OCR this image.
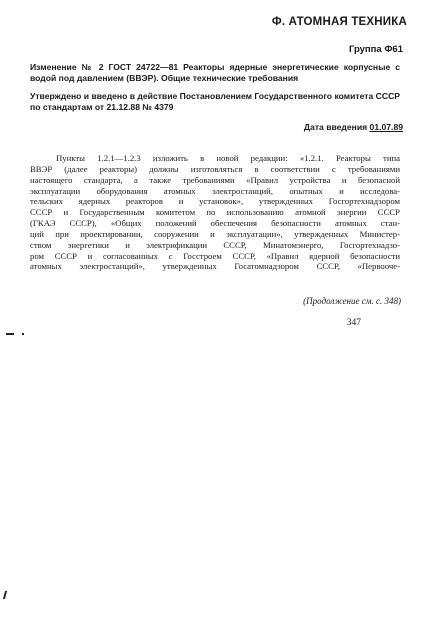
Ф. АТОМНАЯ ТЕХНИКА
Группа Ф61
Изменение № 2 ГОСТ 24722—81 Реакторы ядерные энергетические корпусные с водой под давлением (ВВЭР). Общие технические требования
Утверждено и введено в действие Постановлением Государственного комитета СССР по стандартам от 21.12.88 № 4379
Дата введения 01.07.89
Пункты 1.2.1—1.2.3 изложить в новой редакции: «1.2.1. Реакторы типа
ВВЭР (далее реакторы) должны изготовляться в соответствии с требованиями
настоящего стандарта, а также требованиями «Правил устройства и безопасной
эксплуатации оборудования атомных электростанций, опытных и исследова-
тельских ядерных реакторов и установок», утвержденных Госгортехнадзором
СССР и Государственным комитетом по использованию атомной энергии СССР
(ГКАЭ СССР), «Общих положений обеспечения безопасности атомных стан-
ций при проектировании, сооружении и эксплуатации», утвержденных Министер-
ством энергетики и электрификации СССР, Минатомэнерго, Госгортехнадзо-
ром СССР и согласованных с Госстроем СССР, «Правил ядерной безопасности
атомных электростанций», утвержденных Госатомнадзором СССР, «Первооче-
(Продолжение см. с. 348)
347
